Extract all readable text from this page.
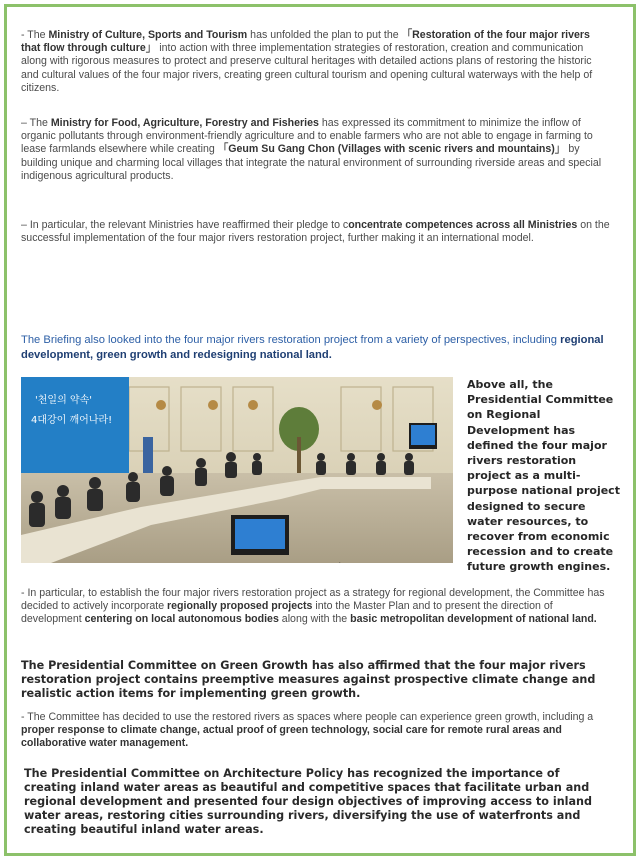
- The Ministry of Culture, Sports and Tourism has unfolded the plan to put the 「Restoration of the four major rivers that flow through culture」 into action with three implementation strategies of restoration, creation and communication along with rigorous measures to protect and preserve cultural heritages with detailed actions plans of restoring the historic and cultural values of the four major rivers, creating green cultural tourism and opening cultural waterways with the help of citizens.

– The Ministry for Food, Agriculture, Forestry and Fisheries has expressed its commitment to minimize the inflow of organic pollutants through environment-friendly agriculture and to enable farmers who are not able to engage in farming to lease farmlands elsewhere while creating 「Geum Su Gang Chon (Villages with scenic rivers and mountains)」 by building unique and charming local villages that integrate the natural environment of surrounding riverside areas and special indigenous agricultural products.

– In particular, the relevant Ministries have reaffirmed their pledge to concentrate competences across all Ministries on the successful implementation of the four major rivers restoration project, further making it an international model.

The Briefing also looked into the four major rivers restoration project from a variety of perspectives, including regional development, green growth and redesigning national land.

'천일의 약속'
4대강이 깨어나라!
Above all, the Presidential Committee on Regional Development has defined the four major rivers restoration project as a multi-purpose national project designed to secure water resources, to recover from economic recession and to create future growth engines.

- In particular, to establish the four major rivers restoration project as a strategy for regional development, the Committee has decided to actively incorporate regionally proposed projects into the Master Plan and to present the direction of development centering on local autonomous bodies along with the basic metropolitan development of national land.

The Presidential Committee on Green Growth has also affirmed that the four major rivers restoration project contains preemptive measures against prospective climate change and realistic action items for implementing green growth.

- The Committee has decided to use the restored rivers as spaces where people can experience green growth, including a proper response to climate change, actual proof of green technology, social care for remote rural areas and collaborative water management.

The Presidential Committee on Architecture Policy has recognized the importance of creating inland water areas as beautiful and competitive spaces that facilitate urban and regional development and presented four design objectives of improving access to inland water areas, restoring cities surrounding rivers, diversifying the use of waterfronts and creating beautiful inland water areas.
